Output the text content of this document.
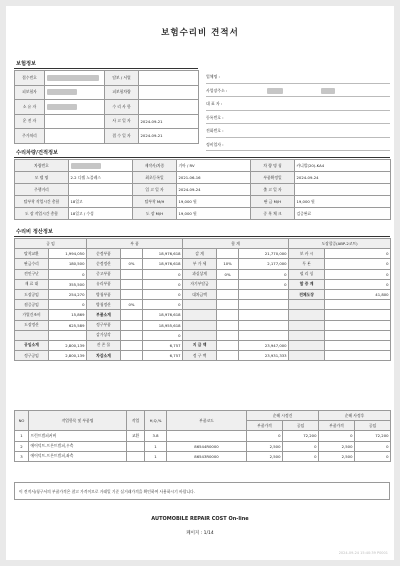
보험수리비 견적서
보험정보
접수번호		담보 / 서열	
피보험자		피보험차량	
소 유 자		수 리 사 항	
운 전 자		사 고 일 자	2024-09-21
주가처리		접 수 일 자	2024-09-21
업체명 :
사업장주소 :
대 표 자 :
등록번호 :
전화번호 :
정비업자 :
수리차량/견적정보
차량번호		제작사/차종	기아 / RV	차 량 명 칭	카니발(20)-KA4
모 델 명	2.2 디젤 노블레스	최초등록일	2021-06-16	부품확정일	2024-09-24
주행거리		입 고 일 자	2024-09-24	출 고 일 자	
탈부착 작업시간 총합	18일고	탈부착 M/H	19,000 원	판 금 M/H	19,000 원
도 장 작업시간 총합	18일고 / 수성	도 장 M/H	19,000 원	중 복 체 크	검증완료
수리비 정산정보
공 임		부 품			합 계			도장할증(ABP-2코트)	
탈착교환	1,994,050	순정부품		18,976,618	감 계		21,770,000	보 카 시	0
판금수리	180,500	순정정산	0%	18,976,618	부 가 세	10%	2,177,000	투 톤	0
견인구난	0	중고부품		0	과실상계	0%	0	펄 리 싱	0
재 료 대	355,500	유리부품		0	자기부담금		0	할 증 계	0
도장공임	254,270	방청부품		0	대차금액			전체도장	41,800
점증공임	0	방청정산	0%	0					
가열건조비	15,869	부품소계		18,976,618					
도장정산	625,589	정구부품		18,955,618					
		감가상각		0					
공임소계	2,800,139	잔 존 물		6,757	지 급 액		23,947,000		
정구공임	2,800,139	차감소계		6,757	정 구 액		23,931,333		
NO	작업항목 및 부품명	작업	H,Q,%	부품코드	순해 시정건		순해 사정후	
					부품가격	공임	부품가격	공임
1	프런트범퍼커버	교환	3.8		0	72,200	0	72,200
2	에어덕트-프론트범퍼,우측		1	86544R0000	2,500	0	2,500	0
3	에어덕트-프론트범퍼,좌측		1	86543R0000	2,500	0	2,500	0
이 견적서/청구서의 부품가격은 참고 가격이므로 거래일 기준 실거래가격을 확인하여 사용하시기 바랍니다.
AUTOMOBILE REPAIR COST On-line
페이지 : 1/14
2024-09-24 15:40:39 P0001
